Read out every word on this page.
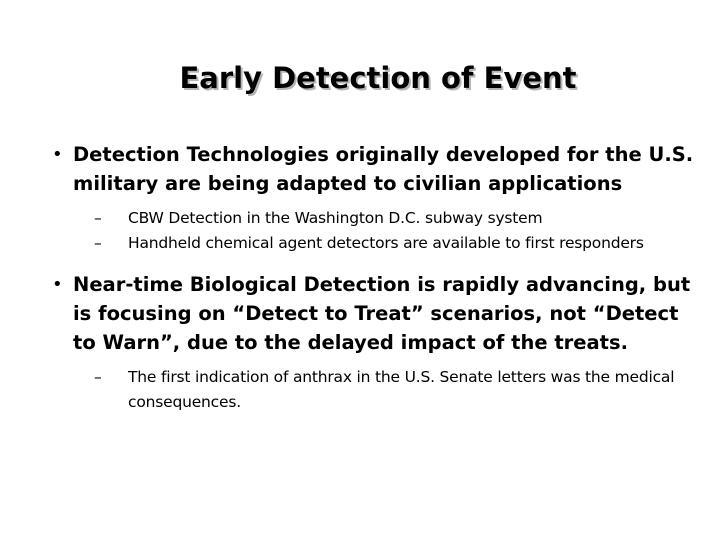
Early Detection of Event
• Detection Technologies originally developed for the U.S. military are being adapted to civilian applications
–	CBW Detection in the Washington D.C. subway system
–	Handheld chemical agent detectors are available to first responders
• Near-time Biological Detection is rapidly advancing, but is focusing on “Detect to Treat” scenarios, not “Detect to Warn”, due to the delayed impact of the treats.
–	The first indication of anthrax in the U.S. Senate letters was the medical consequences.
